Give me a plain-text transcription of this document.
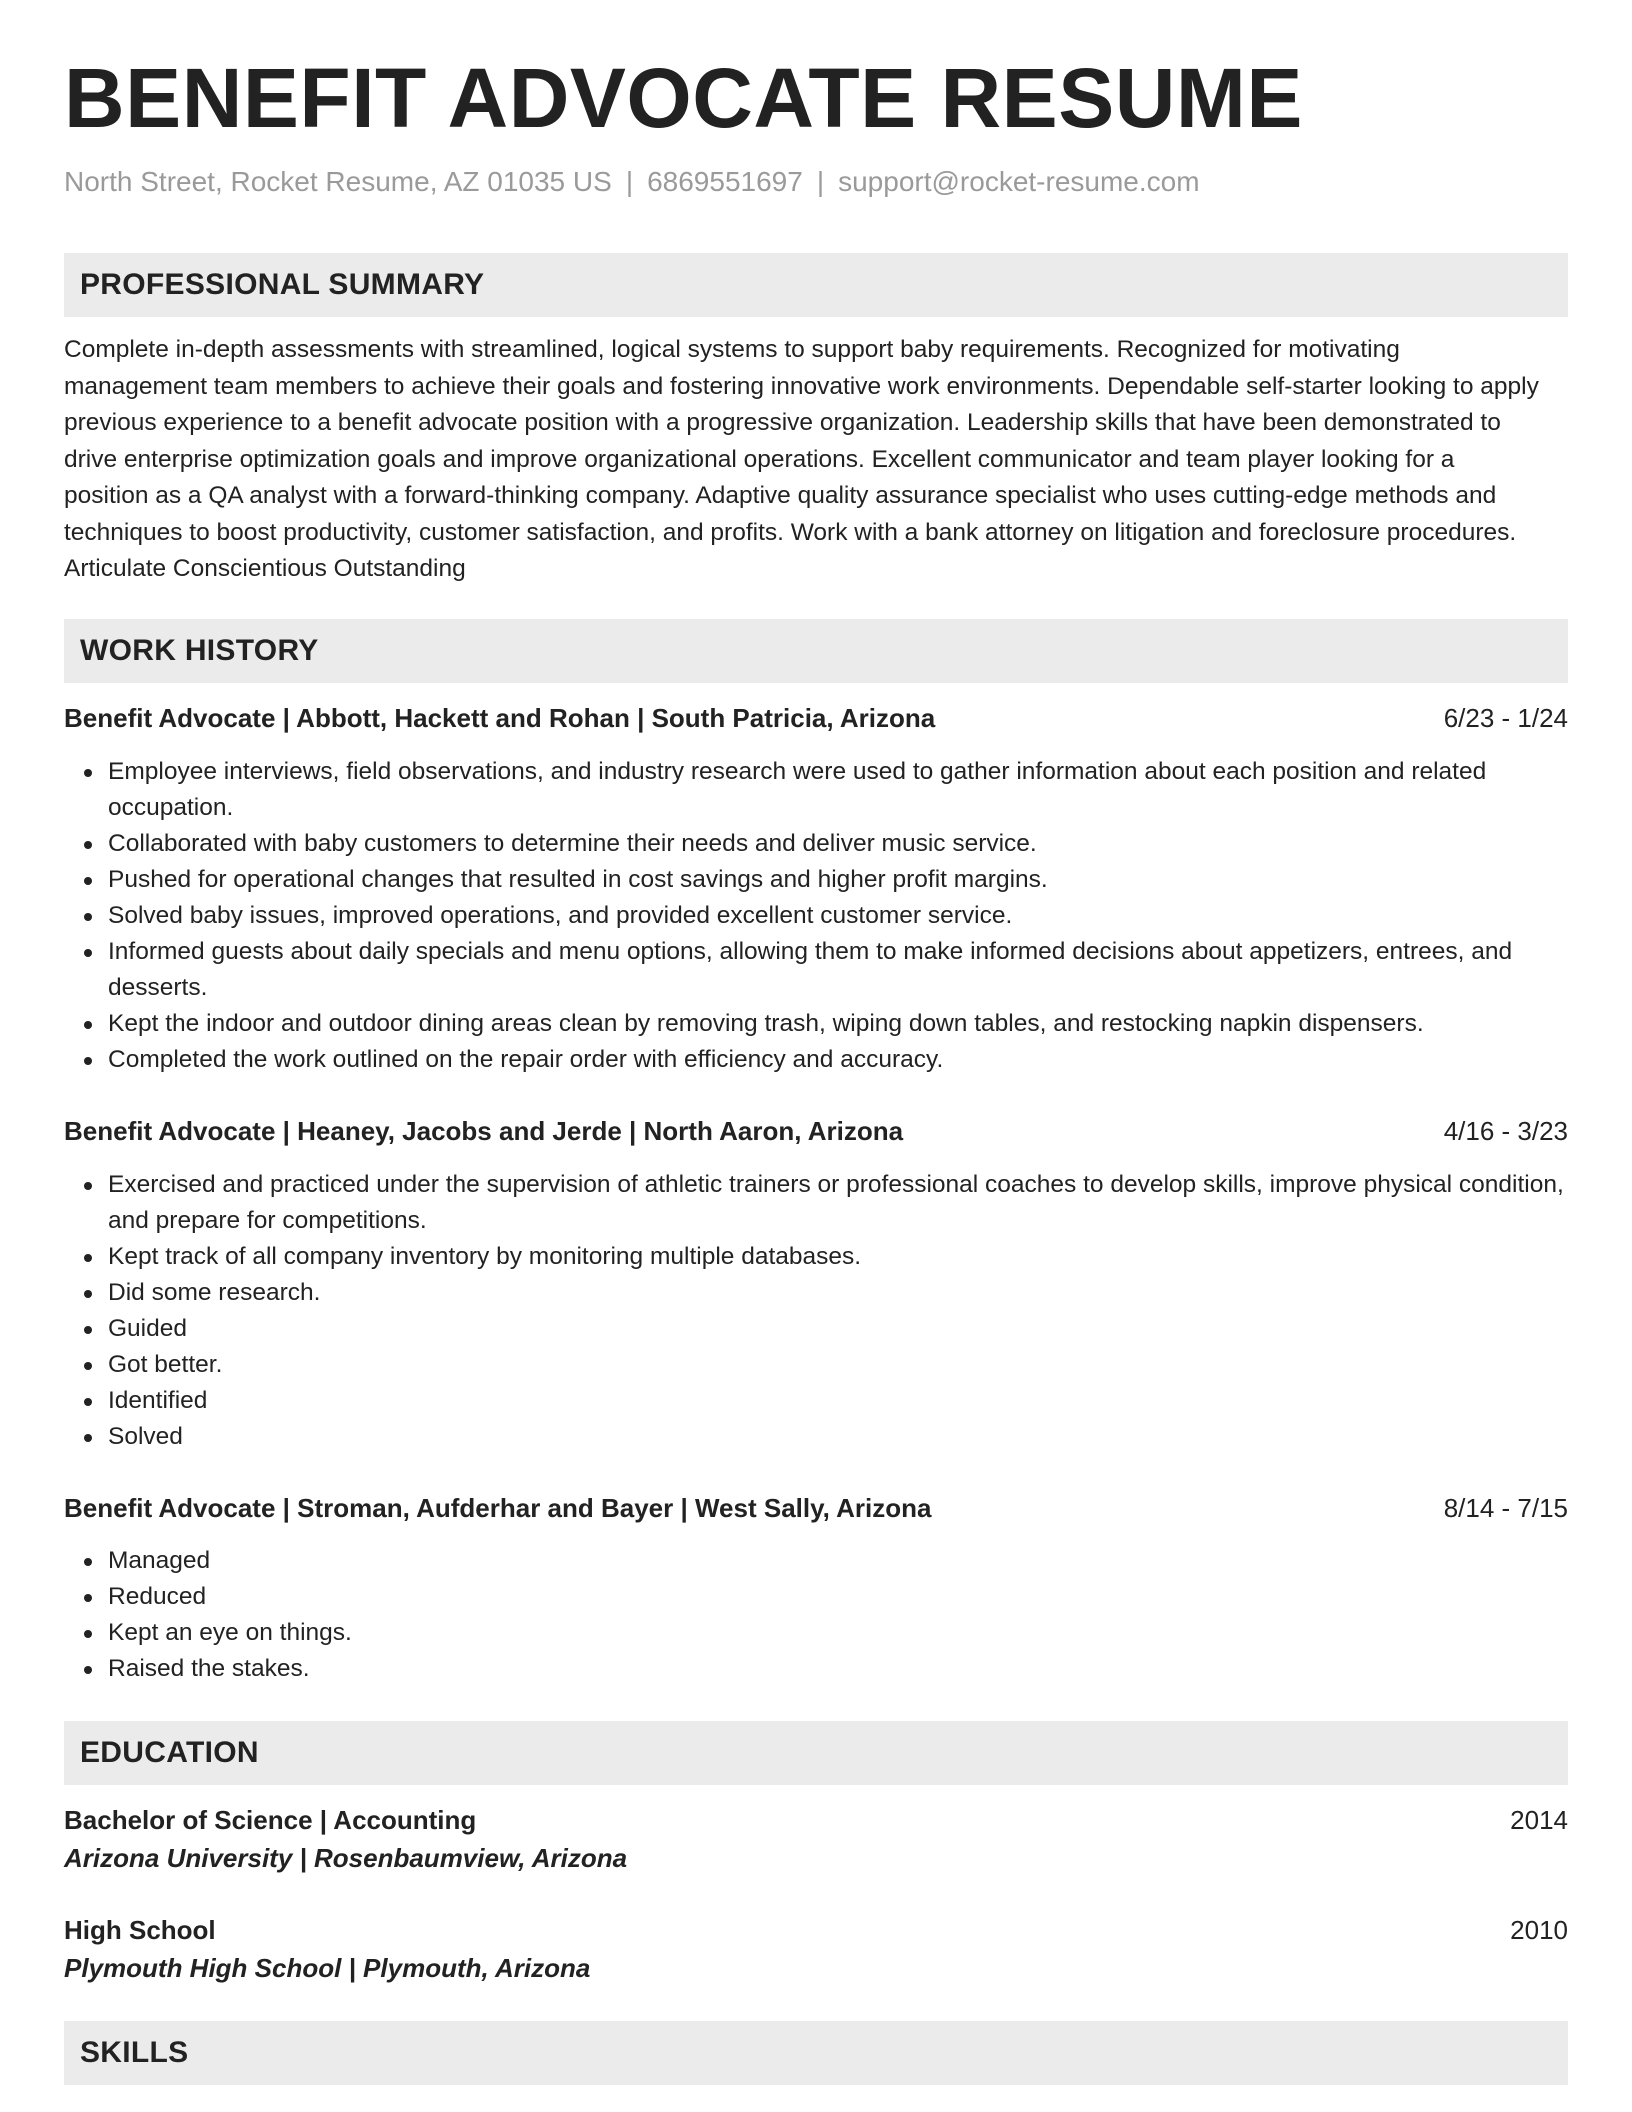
BENEFIT ADVOCATE RESUME
North Street, Rocket Resume, AZ 01035 US | 6869551697 | support@rocket-resume.com
PROFESSIONAL SUMMARY
Complete in-depth assessments with streamlined, logical systems to support baby requirements. Recognized for motivating
management team members to achieve their goals and fostering innovative work environments. Dependable self-starter looking to apply
previous experience to a benefit advocate position with a progressive organization. Leadership skills that have been demonstrated to
drive enterprise optimization goals and improve organizational operations. Excellent communicator and team player looking for a
position as a QA analyst with a forward-thinking company. Adaptive quality assurance specialist who uses cutting-edge methods and
techniques to boost productivity, customer satisfaction, and profits. Work with a bank attorney on litigation and foreclosure procedures.
Articulate Conscientious Outstanding
WORK HISTORY
Benefit Advocate | Abbott, Hackett and Rohan | South Patricia, Arizona	6/23 - 1/24
Employee interviews, field observations, and industry research were used to gather information about each position and related occupation.
Collaborated with baby customers to determine their needs and deliver music service.
Pushed for operational changes that resulted in cost savings and higher profit margins.
Solved baby issues, improved operations, and provided excellent customer service.
Informed guests about daily specials and menu options, allowing them to make informed decisions about appetizers, entrees, and desserts.
Kept the indoor and outdoor dining areas clean by removing trash, wiping down tables, and restocking napkin dispensers.
Completed the work outlined on the repair order with efficiency and accuracy.
Benefit Advocate | Heaney, Jacobs and Jerde | North Aaron, Arizona	4/16 - 3/23
Exercised and practiced under the supervision of athletic trainers or professional coaches to develop skills, improve physical condition, and prepare for competitions.
Kept track of all company inventory by monitoring multiple databases.
Did some research.
Guided
Got better.
Identified
Solved
Benefit Advocate | Stroman, Aufderhar and Bayer | West Sally, Arizona	8/14 - 7/15
Managed
Reduced
Kept an eye on things.
Raised the stakes.
EDUCATION
Bachelor of Science | Accounting	2014
Arizona University | Rosenbaumview, Arizona
High School	2010
Plymouth High School | Plymouth, Arizona
SKILLS
